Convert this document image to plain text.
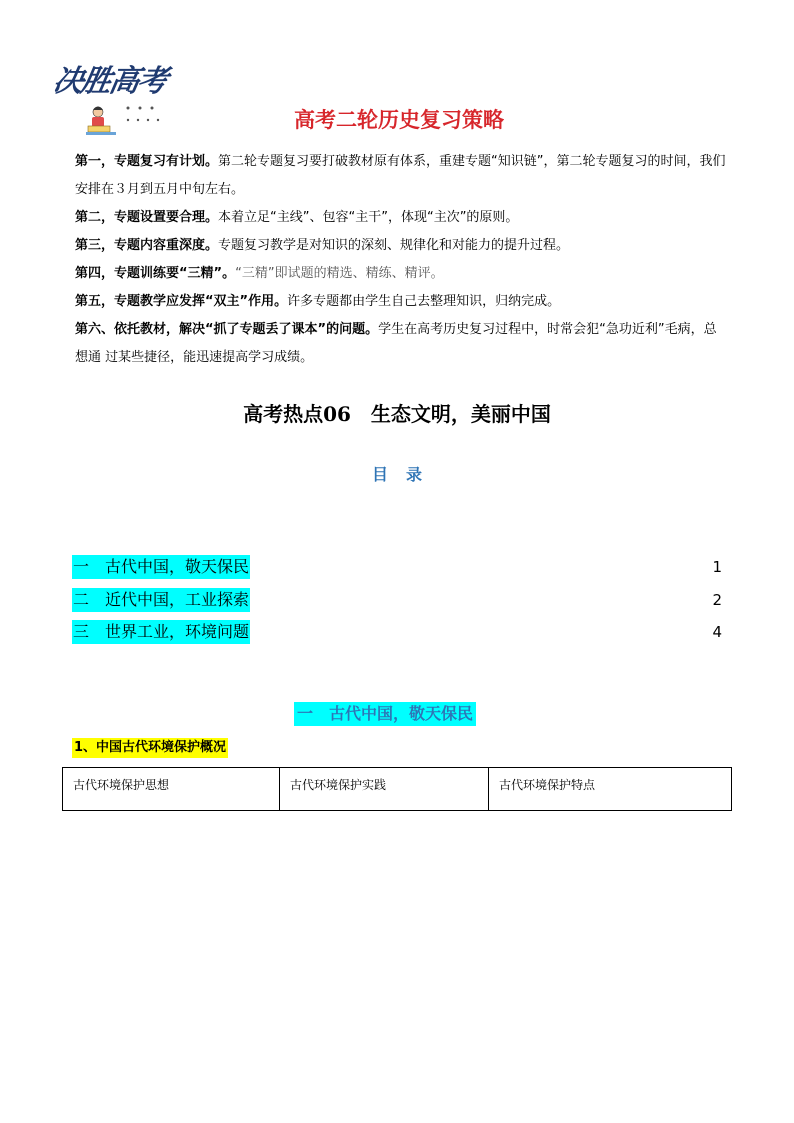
决胜高考
高考二轮历史复习策略

第一，专题复习有计划。第二轮专题复习要打破教材原有体系，重建专题“知识链”，第二轮专题复习的时间，我们安排在３月到五月中旬左右。

第二，专题设置要合理。本着立足“主线”、包容“主干”，体现“主次”的原则。

第三，专题内容重深度。专题复习教学是对知识的深刻、规律化和对能力的提升过程。

第四，专题训练要“三精”。“三精”即试题的精选、精练、精评。

第五，专题教学应发挥“双主”作用。许多专题都由学生自己去整理知识，归纳完成。

第六、依托教材，解决“抓了专题丢了课本”的问题。学生在高考历史复习过程中，时常会犯“急功近利”毛病，总想通 过某些捷径，能迅速提高学习成绩。

高考热点06　生态文明，美丽中国
目录
一　古代中国，敬天保民	1
二　近代中国，工业探索	2
三　世界工业，环境问题	4
一　古代中国，敬天保民
1、中国古代环境保护概况
古代环境保护思想	古代环境保护实践	古代环境保护特点
